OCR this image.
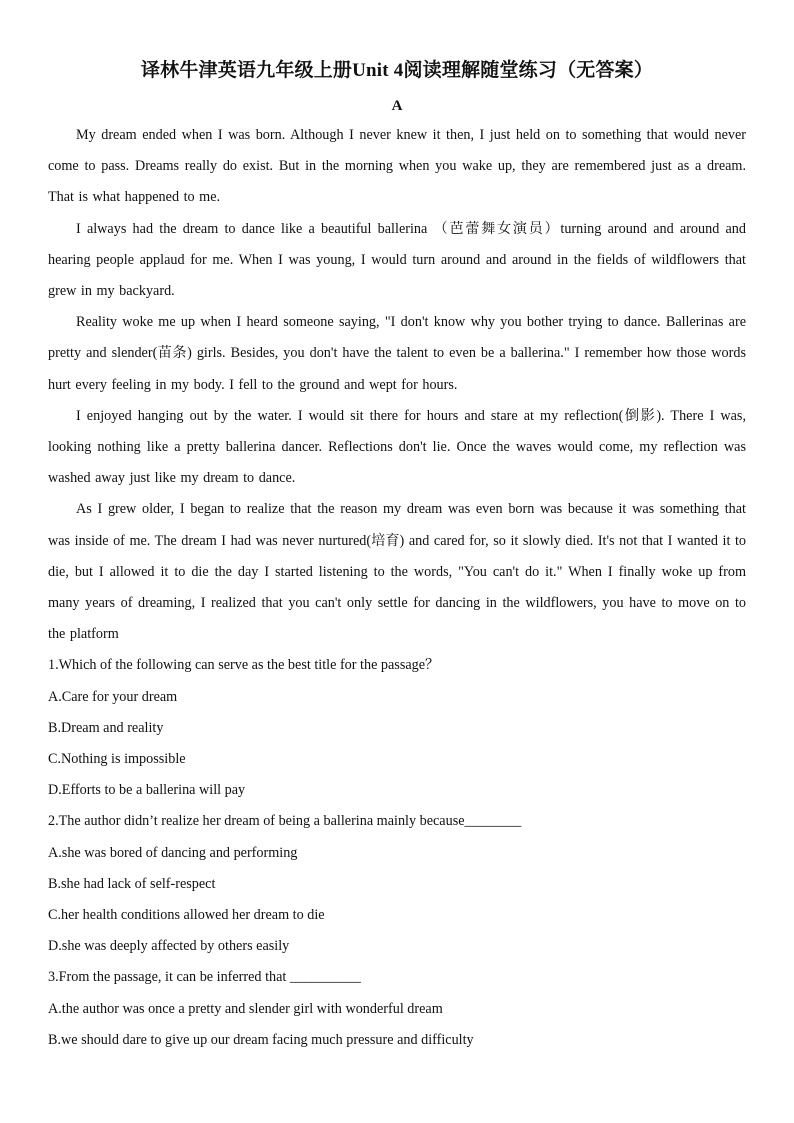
译林牛津英语九年级上册Unit 4阅读理解随堂练习（无答案）
A

My dream ended when I was born. Although I never knew it then, I just held on to something that would never come to pass. Dreams really do exist. But in the morning when you wake up, they are remembered just as a dream. That is what happened to me.

I always had the dream to dance like a beautiful ballerina （芭蕾舞女演员）turning around and around and hearing people applaud for me. When I was young, I would turn around and around in the fields of wildflowers that grew in my backyard.

Reality woke me up when I heard someone saying, "I don't know why you bother trying to dance. Ballerinas are pretty and slender(苗条) girls. Besides, you don't have the talent to even be a ballerina." I remember how those words hurt every feeling in my body. I fell to the ground and wept for hours.

I enjoyed hanging out by the water. I would sit there for hours and stare at my reflection(倒影). There I was, looking nothing like a pretty ballerina dancer. Reflections don't lie. Once the waves would come, my reflection was washed away just like my dream to dance.

As I grew older, I began to realize that the reason my dream was even born was because it was something that was inside of me. The dream I had was never nurtured(培育) and cared for, so it slowly died. It's not that I wanted it to die, but I allowed it to die the day I started listening to the words, "You can't do it." When I finally woke up from many years of dreaming, I realized that you can't only settle for dancing in the wildflowers, you have to move on to the platform

1.Which of the following can serve as the best title for the passage？

A.Care for your dream

B.Dream and reality

C.Nothing is impossible

D.Efforts to be a ballerina will pay

2.The author didn’t realize her dream of being a ballerina mainly because________

A.she was bored of dancing and performing

B.she had lack of self-respect

C.her health conditions allowed her dream to die

D.she was deeply affected by others easily

3.From the passage, it can be inferred that __________

A.the author was once a pretty and slender girl with wonderful dream

B.we should dare to give up our dream facing much pressure and difficulty
